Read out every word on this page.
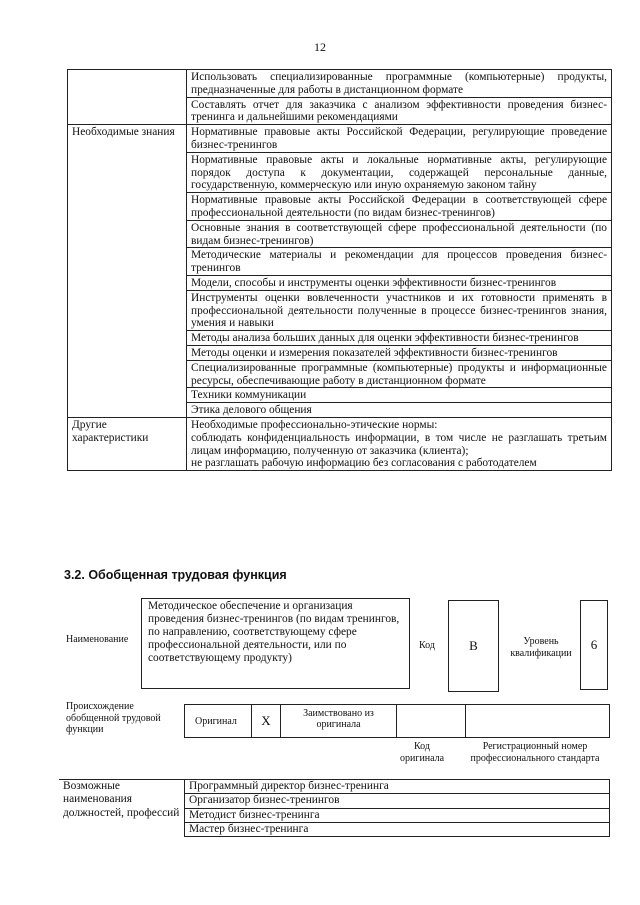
12
	Использовать специализированные программные (компьютерные) продукты, предназначенные для работы в дистанционном формате
	Составлять отчет для заказчика с анализом эффективности проведения бизнес-тренинга и дальнейшими рекомендациями
Необходимые знания	Нормативные правовые акты Российской Федерации, регулирующие проведение бизнес-тренингов
	Нормативные правовые акты и локальные нормативные акты, регулирующие порядок доступа к документации, содержащей персональные данные, государственную, коммерческую или иную охраняемую законом тайну
	Нормативные правовые акты Российской Федерации в соответствующей сфере профессиональной деятельности (по видам бизнес-тренингов)
	Основные знания в соответствующей сфере профессиональной деятельности (по видам бизнес-тренингов)
	Методические материалы и рекомендации для процессов проведения бизнес-тренингов
	Модели, способы и инструменты оценки эффективности бизнес-тренингов
	Инструменты оценки вовлеченности участников и их готовности применять в профессиональной деятельности полученные в процессе бизнес-тренингов знания, умения и навыки
	Методы анализа больших данных для оценки эффективности бизнес-тренингов
	Методы оценки и измерения показателей эффективности бизнес-тренингов
	Специализированные программные (компьютерные) продукты и информационные ресурсы, обеспечивающие работу в дистанционном формате
	Техники коммуникации
	Этика делового общения
Другие характеристики	Необходимые профессионально-этические нормы:
соблюдать конфиденциальность информации, в том числе не разглашать третьим лицам информацию, полученную от заказчика (клиента);
не разглашать рабочую информацию без согласования с работодателем
3.2. Обобщенная трудовая функция
Наименование
Методическое обеспечение и организация проведения бизнес-тренингов (по видам тренингов, по направлению, соответствующему сфере профессиональной деятельности, или по соответствующему продукту)
Код	B	Уровень квалификации
6
Происхождение обобщенной трудовой функции
Оригинал	X	Заимствовано из оригинала		
Код оригинала
Регистрационный номер профессионального стандарта
Возможные наименования должностей, профессий	Программный директор бизнес-тренинга
Организатор бизнес-тренингов
Методист бизнес-тренинга
Мастер бизнес-тренинга
